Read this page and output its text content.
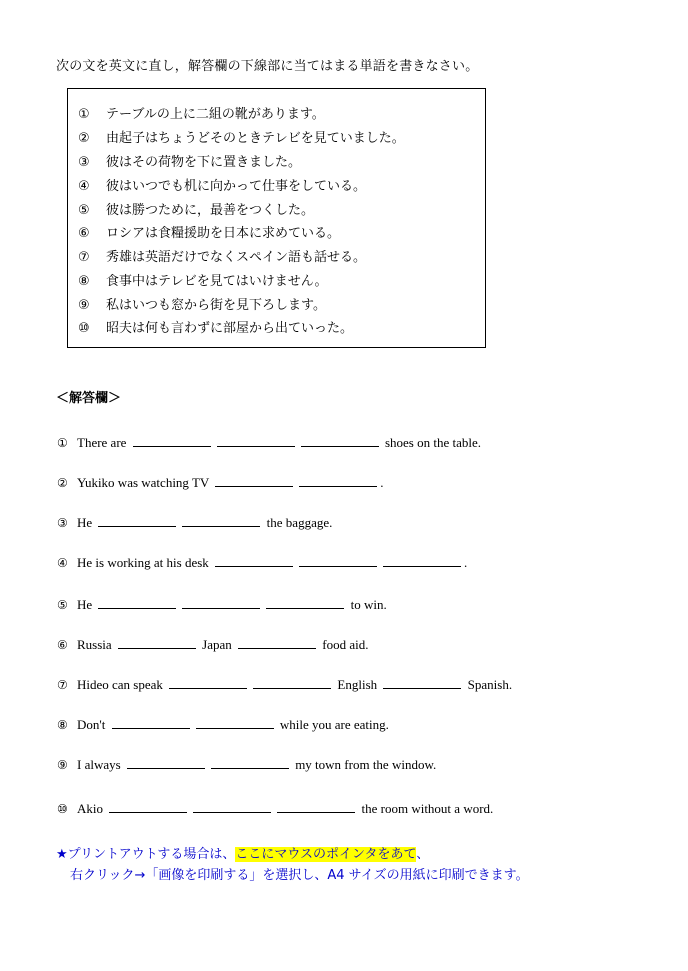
次の文を英文に直し，解答欄の下線部に当てはまる単語を書きなさい。
① テーブルの上に二組の靴があります。
② 由起子はちょうどそのときテレビを見ていました。
③ 彼はその荷物を下に置きました。
④ 彼はいつでも机に向かって仕事をしている。
⑤ 彼は勝つために，最善をつくした。
⑥ ロシアは食糧援助を日本に求めている。
⑦ 秀雄は英語だけでなくスペイン語も話せる。
⑧ 食事中はテレビを見てはいけません。
⑨ 私はいつも窓から街を見下ろします。
⑩ 昭夫は何も言わずに部屋から出ていった。
＜解答欄＞
① There are	shoes on the table.
② Yukiko was watching TV	.
③ He	the baggage.
④ He is working at his desk	.
⑤ He	to win.
⑥ Russia	Japan	food aid.
⑦ Hideo can speak	English	Spanish.
⑧ Don't	while you are eating.
⑨ I always	my town from the window.
⑩ Akio	the room without a word.
★プリントアウトする場合は、ここにマウスのポインタをあて、
右クリック→「画像を印刷する」を選択し、A4 サイズの用紙に印刷できます。
